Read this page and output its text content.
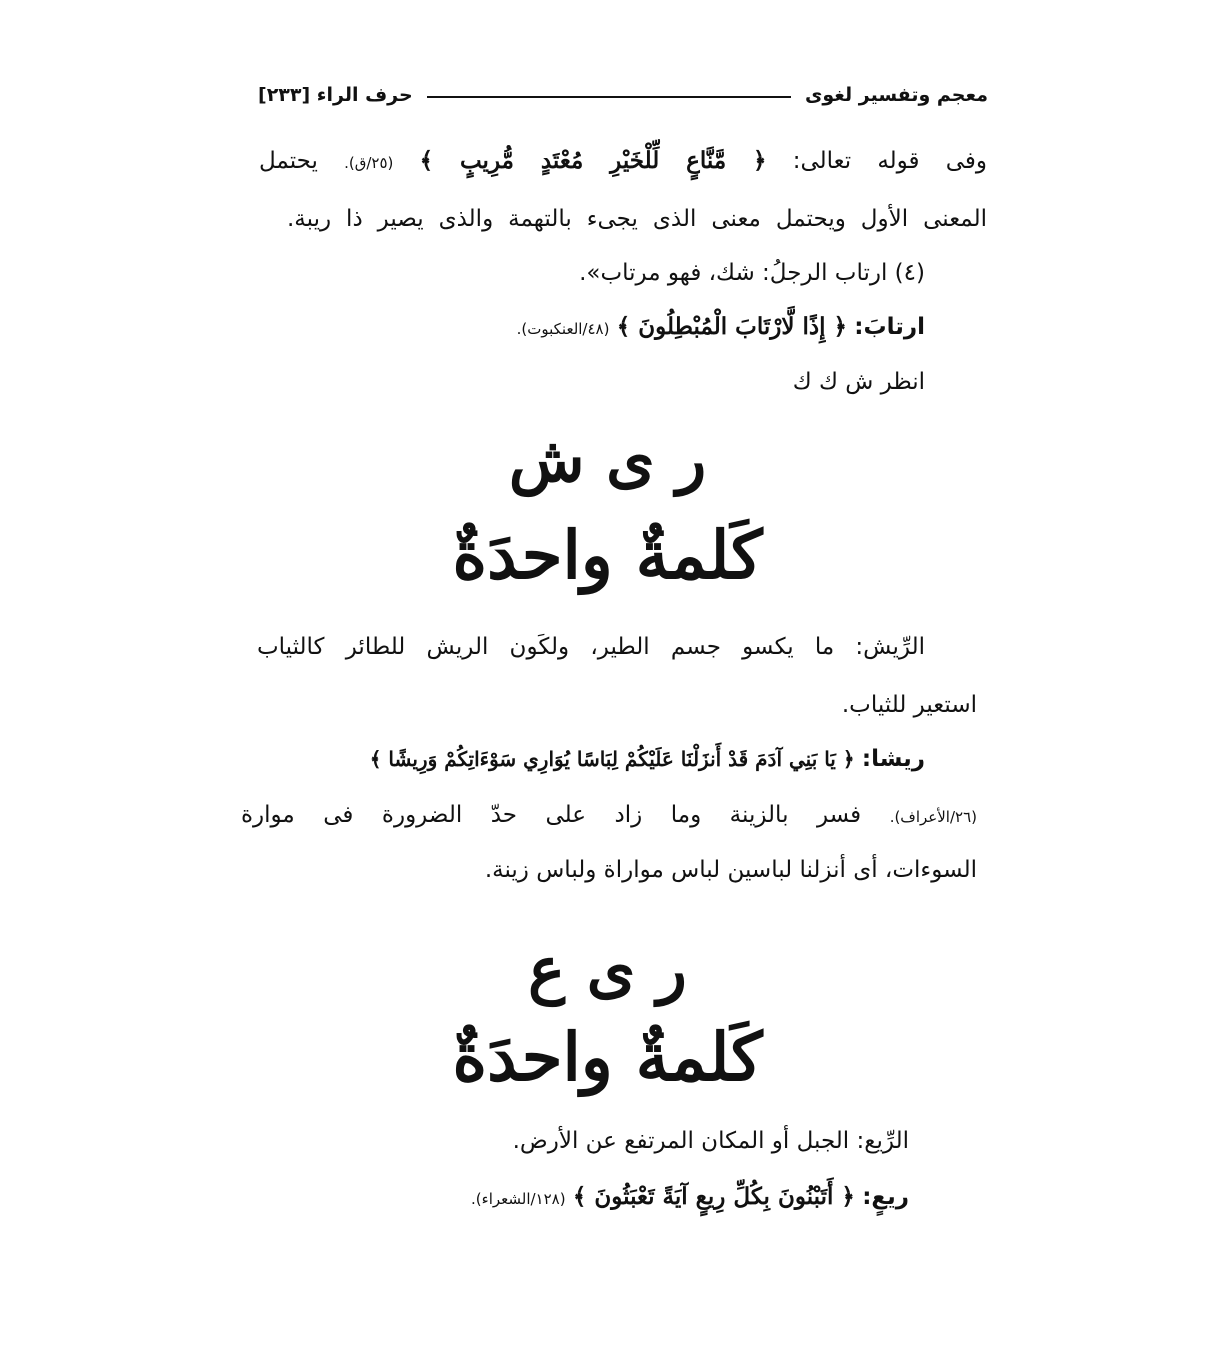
معجم وتفسير لغوى
حرف الراء [٢٣٣]
وفى قوله تعالى: ﴿ مَّنَّاعٍ لِّلْخَيْرِ مُعْتَدٍ مُّرِيبٍ ﴾ (٢٥/ق). يحتمل
المعنى الأول ويحتمل معنى الذى يجىء بالتهمة والذى يصير ذا ريبة.
(٤) ارتاب الرجلُ: شك، فهو مرتاب».
ارتابَ: ﴿ إِذًا لَّارْتَابَ الْمُبْطِلُونَ ﴾ (٤٨/العنكبوت).
انظر ش ك ك
ر ى ش
كَلمةٌ واحدَةٌ
الرِّيش: ما يكسو جسم الطير، ولكَون الريش للطائر كالثياب
استعير للثياب.
ريشا: ﴿ يَا بَنِي آدَمَ قَدْ أَنزَلْنَا عَلَيْكُمْ لِبَاسًا يُوَارِي سَوْءَاتِكُمْ وَرِيشًا ﴾
(٢٦/الأعراف). فسر بالزينة وما زاد على حدّ الضرورة فى موارة
السوءات، أى أنزلنا لباسين لباس مواراة ولباس زينة.
ر ى ع
كَلمةٌ واحدَةٌ
الرِّيع: الجبل أو المكان المرتفع عن الأرض.
ريعٍ: ﴿ أَتَبْنُونَ بِكُلِّ رِيعٍ آيَةً تَعْبَثُونَ ﴾ (١٢٨/الشعراء).
